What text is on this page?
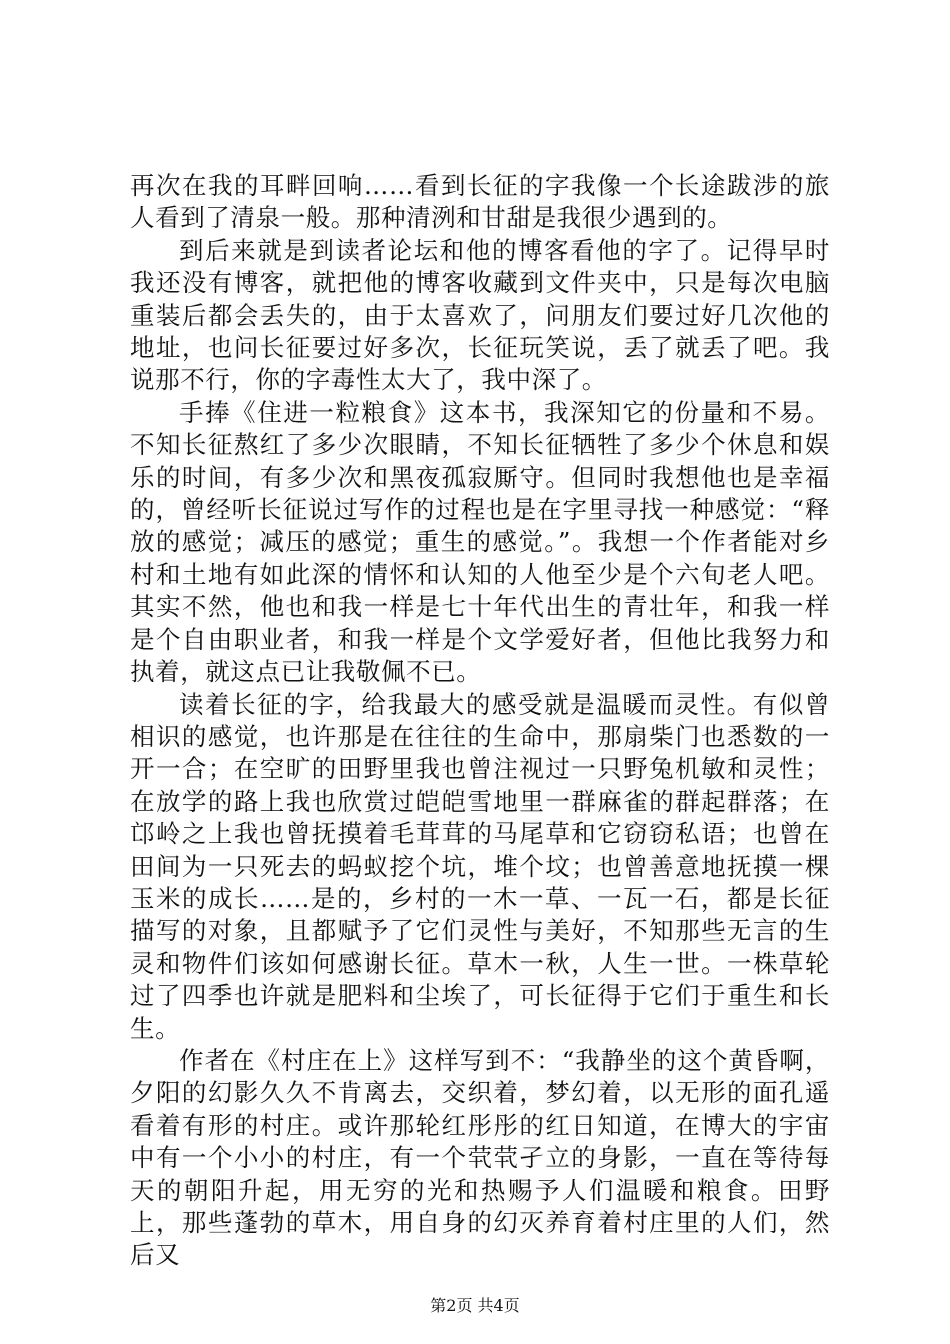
再次在我的耳畔回响……看到长征的字我像一个长途跋涉的旅人看到了清泉一般。那种清洌和甘甜是我很少遇到的。

到后来就是到读者论坛和他的博客看他的字了。记得早时我还没有博客，就把他的博客收藏到文件夹中，只是每次电脑重装后都会丢失的，由于太喜欢了，问朋友们要过好几次他的地址，也问长征要过好多次，长征玩笑说，丢了就丢了吧。我说那不行，你的字毒性太大了，我中深了。

手捧《住进一粒粮食》这本书，我深知它的份量和不易。不知长征熬红了多少次眼睛，不知长征牺牲了多少个休息和娱乐的时间，有多少次和黑夜孤寂厮守。但同时我想他也是幸福的，曾经听长征说过写作的过程也是在字里寻找一种感觉：“释放的感觉；减压的感觉；重生的感觉。”。我想一个作者能对乡村和土地有如此深的情怀和认知的人他至少是个六旬老人吧。其实不然，他也和我一样是七十年代出生的青壮年，和我一样是个自由职业者，和我一样是个文学爱好者，但他比我努力和执着，就这点已让我敬佩不已。

读着长征的字，给我最大的感受就是温暖而灵性。有似曾相识的感觉，也许那是在往往的生命中，那扇柴门也悉数的一开一合；在空旷的田野里我也曾注视过一只野兔机敏和灵性；在放学的路上我也欣赏过皑皑雪地里一群麻雀的群起群落；在邙岭之上我也曾抚摸着毛茸茸的马尾草和它窃窃私语；也曾在田间为一只死去的蚂蚁挖个坑，堆个坟；也曾善意地抚摸一棵玉米的成长……是的，乡村的一木一草、一瓦一石，都是长征描写的对象，且都赋予了它们灵性与美好，不知那些无言的生灵和物件们该如何感谢长征。草木一秋，人生一世。一株草轮过了四季也许就是肥料和尘埃了，可长征得于它们于重生和长生。

作者在《村庄在上》这样写到不：“我静坐的这个黄昏啊，夕阳的幻影久久不肯离去，交织着，梦幻着，以无形的面孔遥看着有形的村庄。或许那轮红彤彤的红日知道，在博大的宇宙中有一个小小的村庄，有一个茕茕孑立的身影，一直在等待每天的朝阳升起，用无穷的光和热赐予人们温暖和粮食。田野上，那些蓬勃的草木，用自身的幻灭养育着村庄里的人们，然后又

第2页 共4页
